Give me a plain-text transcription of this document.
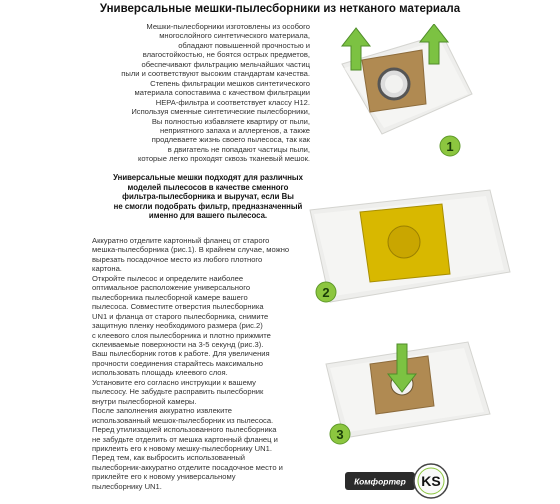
Универсальные мешки-пылесборники из нетканого материала

Мешки-пылесборники изготовлены из особого

многослойного синтетического материала,

обладают повышенной прочностью и

влагостойкостью, не боятся острых предметов,

обеспечивают фильтрацию мельчайших частиц

пыли и соответствуют высоким стандартам качества.

Степень фильтрации мешков синтетического

материала сопоставима с качеством фильтрации

HEPA-фильтра и соответствует классу H12.

Используя сменные синтетические пылесборники,

Вы полностью избавляете квартиру от пыли,

неприятного запаха и аллергенов, а также

продлеваете жизнь своего пылесоса, так как

в двигатель не попадают частицы пыли,

которые легко проходят сквозь тканевый мешок.

Универсальные мешки подходят для различных

моделей пылесосов в качестве сменного

фильтра-пылесборника и выручат, если Вы

не смогли подобрать фильтр, предназначенный

именно для вашего пылесоса.

Аккуратно отделите картонный фланец от старого

мешка-пылесборника (рис.1). В крайнем случае, можно

вырезать посадочное место из любого плотного

картона.

Откройте пылесос и определите наиболее

оптимальное расположение универсального

пылесборника пылесборной камере вашего

пылесоса. Совместите отверстия пылесборника

UN1 и фланца от старого пылесборника, снимите

защитную пленку необходимого размера (рис.2)

с клеевого слоя пылесборника и плотно прижмите

склеиваемые поверхности на 3-5 секунд (рис.3).

Ваш пылесборник готов к работе. Для увеличения

прочности соединения старайтесь максимально

использовать площадь клеевого слоя.

Установите его согласно инструкции к вашему

пылесосу. Не забудьте расправить пылесборник

внутри пылесборной камеры.

После заполнения аккуратно извлеките

использованный мешок-пылесборник из пылесоса.

Перед утилизацией использованного пылесборника

не забудьте отделить от мешка картонный фланец и

приклеить его к новому мешку-пылесборнику UN1.

Перед тем, как выбросить использованный

пылесборник-аккуратно отделите посадочное место и

приклейте его к новому универсальному

пылесборнику UN1.

1
2
3
Комфортер KS
